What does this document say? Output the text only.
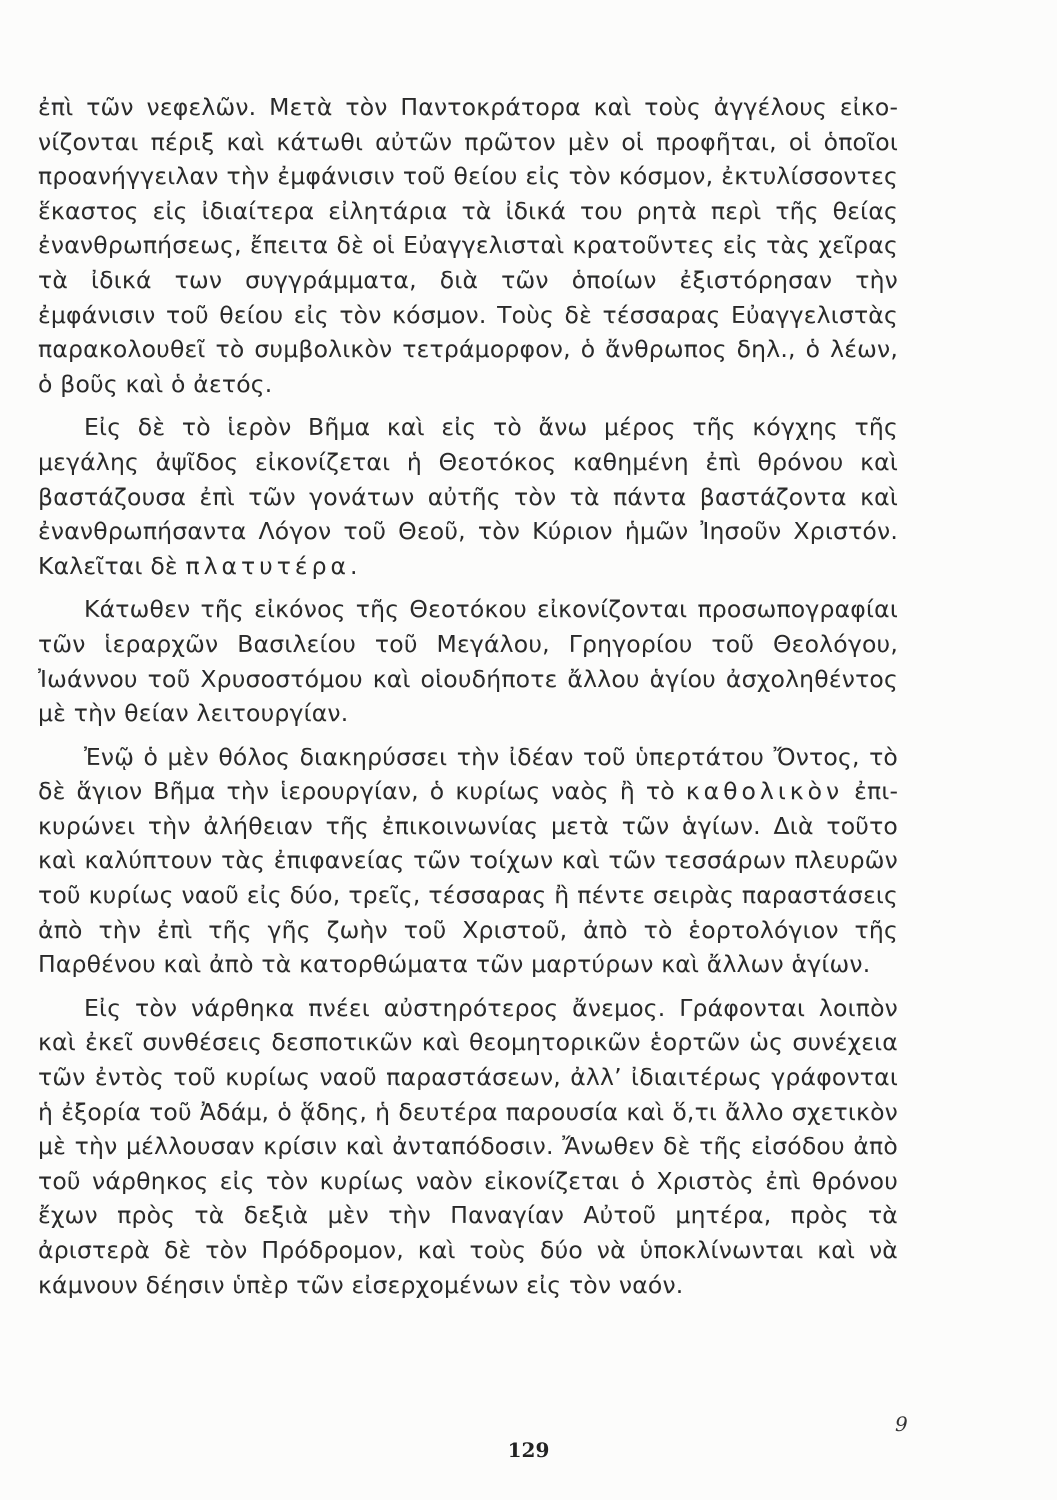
ἐπὶ τῶν νεφελῶν. Μετὰ τὸν Παντοκράτορα καὶ τοὺς ἀγγέλους εἰκονίζονται πέριξ καὶ κάτωθι αὐτῶν πρῶτον μὲν οἱ προφῆται, οἱ ὁποῖοι προανήγγειλαν τὴν ἐμφάνισιν τοῦ θείου εἰς τὸν κόσμον, ἐκτυλίσσοντες ἕκαστος εἰς ἰδιαίτερα εἰλητάρια τὰ ἰδικά του ρητὰ περὶ τῆς θείας ἐνανθρωπήσεως, ἔπειτα δὲ οἱ Εὐαγγελισταὶ κρατοῦντες εἰς τὰς χεῖρας τὰ ἰδικά των συγγράμματα, διὰ τῶν ὁποίων ἐξιστόρησαν τὴν ἐμφάνισιν τοῦ θείου εἰς τὸν κόσμον. Τοὺς δὲ τέσσαρας Εὐαγγελιστὰς παρακολουθεῖ τὸ συμβολικὸν τετράμορφον, ὁ ἄνθρωπος δηλ., ὁ λέων, ὁ βοῦς καὶ ὁ ἀετός.

Εἰς δὲ τὸ ἱερὸν Βῆμα καὶ εἰς τὸ ἄνω μέρος τῆς κόγχης τῆς μεγάλης ἀψῖδος εἰκονίζεται ἡ Θεοτόκος καθημένη ἐπὶ θρόνου καὶ βαστάζουσα ἐπὶ τῶν γονάτων αὐτῆς τὸν τὰ πάντα βαστάζοντα καὶ ἐνανθρωπήσαντα Λόγον τοῦ Θεοῦ, τὸν Κύριον ἡμῶν Ἰησοῦν Χριστόν. Καλεῖται δὲ πλατυτέρα.

Κάτωθεν τῆς εἰκόνος τῆς Θεοτόκου εἰκονίζονται προσωπογραφίαι τῶν ἱεραρχῶν Βασιλείου τοῦ Μεγάλου, Γρηγορίου τοῦ Θεολόγου, Ἰωάννου τοῦ Χρυσοστόμου καὶ οἱουδήποτε ἄλλου ἁγίου ἀσχοληθέντος μὲ τὴν θείαν λειτουργίαν.

Ἐνῷ ὁ μὲν θόλος διακηρύσσει τὴν ἰδέαν τοῦ ὑπερτάτου Ὄντος, τὸ δὲ ἅγιον Βῆμα τὴν ἱερουργίαν, ὁ κυρίως ναὸς ἢ τὸ καθολικὸν ἐπικυρώνει τὴν ἀλήθειαν τῆς ἐπικοινωνίας μετὰ τῶν ἁγίων. Διὰ τοῦτο καὶ καλύπτουν τὰς ἐπιφανείας τῶν τοίχων καὶ τῶν τεσσάρων πλευρῶν τοῦ κυρίως ναοῦ εἰς δύο, τρεῖς, τέσσαρας ἢ πέντε σειρὰς παραστάσεις ἀπὸ τὴν ἐπὶ τῆς γῆς ζωὴν τοῦ Χριστοῦ, ἀπὸ τὸ ἑορτολόγιον τῆς Παρθένου καὶ ἀπὸ τὰ κατορθώματα τῶν μαρτύρων καὶ ἄλλων ἁγίων.

Εἰς τὸν νάρθηκα πνέει αὐστηρότερος ἄνεμος. Γράφονται λοιπὸν καὶ ἐκεῖ συνθέσεις δεσποτικῶν καὶ θεομητορικῶν ἑορτῶν ὡς συνέχεια τῶν ἐντὸς τοῦ κυρίως ναοῦ παραστάσεων, ἀλλ’ ἰδιαιτέρως γράφονται ἡ ἐξορία τοῦ Ἀδάμ, ὁ ᾅδης, ἡ δευτέρα παρουσία καὶ ὅ,τι ἄλλο σχετικὸν μὲ τὴν μέλλουσαν κρίσιν καὶ ἀνταπόδοσιν. Ἄνωθεν δὲ τῆς εἰσόδου ἀπὸ τοῦ νάρθηκος εἰς τὸν κυρίως ναὸν εἰκονίζεται ὁ Χριστὸς ἐπὶ θρόνου ἔχων πρὸς τὰ δεξιὰ μὲν τὴν Παναγίαν Αὐτοῦ μητέρα, πρὸς τὰ ἀριστερὰ δὲ τὸν Πρόδρομον, καὶ τοὺς δύο νὰ ὑποκλίνωνται καὶ νὰ κάμνουν δέησιν ὑπὲρ τῶν εἰσερχομένων εἰς τὸν ναόν.

9
129
